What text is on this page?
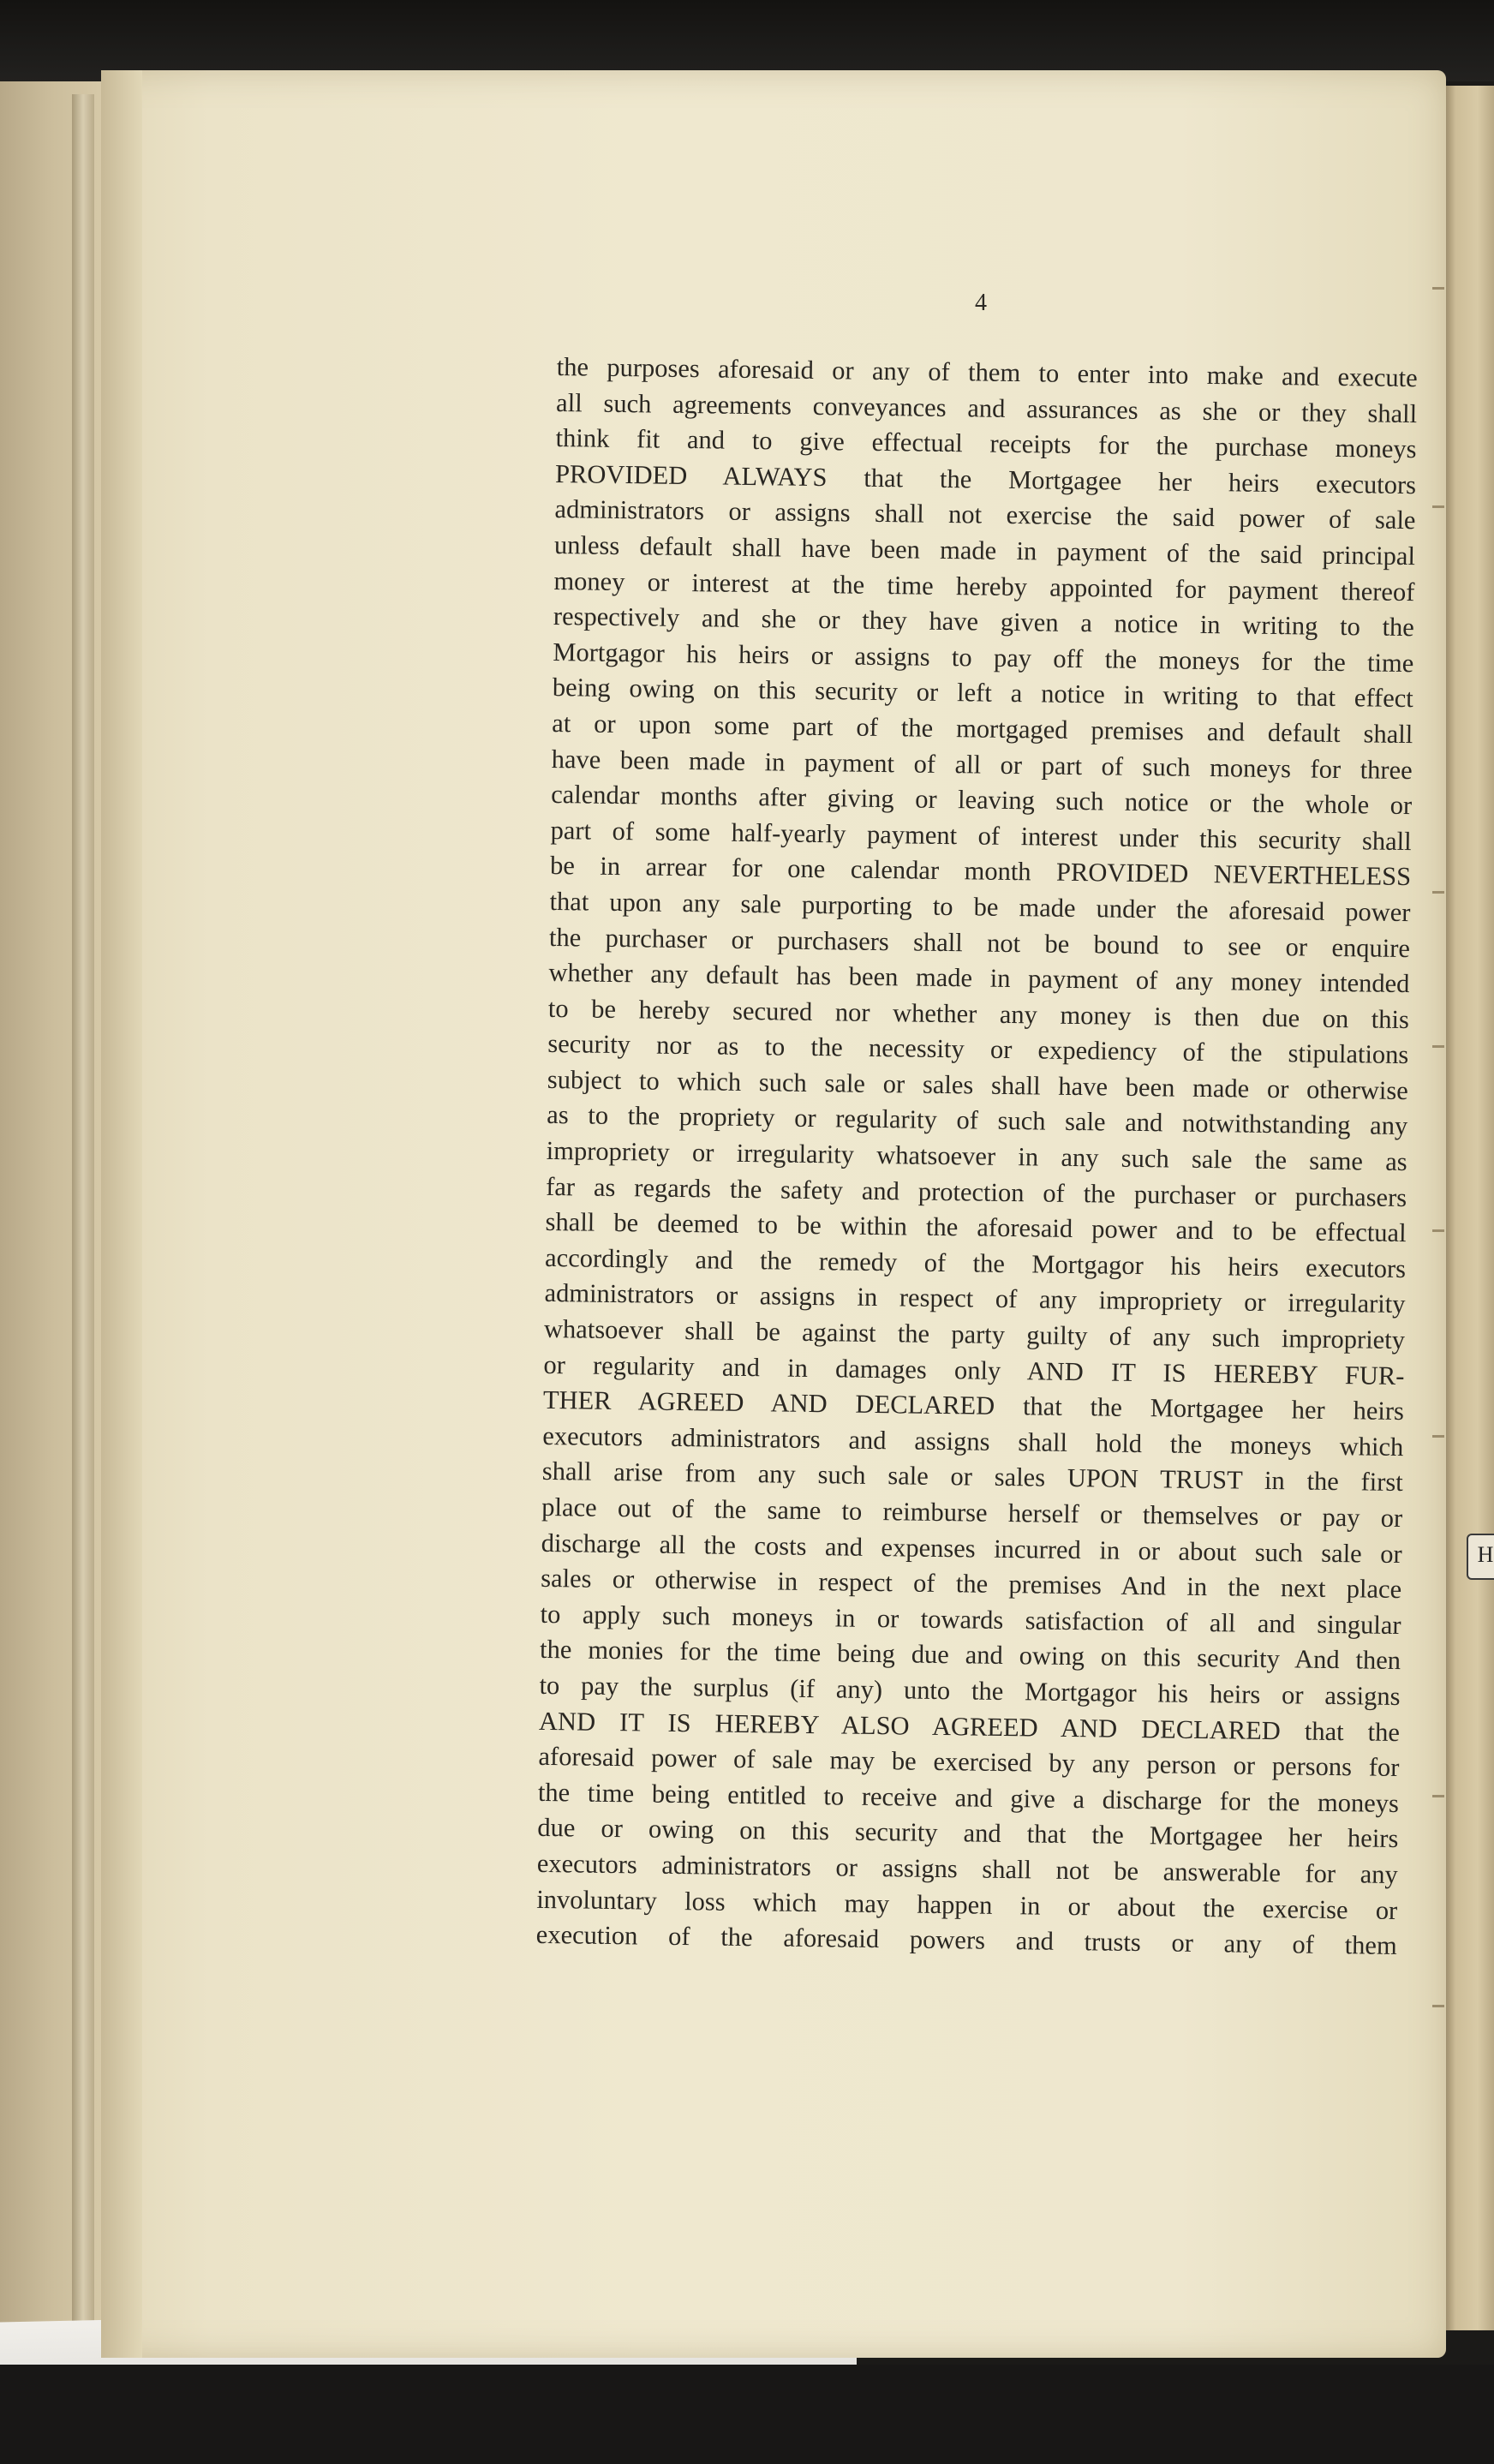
H
4
the purposes aforesaid or any of them to enter into make and execute
all such agreements conveyances and assurances as she or they shall
think fit and to give effectual receipts for the purchase moneys
PROVIDED ALWAYS that the Mortgagee her heirs executors
administrators or assigns shall not exercise the said power of sale
unless default shall have been made in payment of the said principal
money or interest at the time hereby appointed for payment thereof
respectively and she or they have given a notice in writing to the
Mortgagor his heirs or assigns to pay off the moneys for the time
being owing on this security or left a notice in writing to that effect
at or upon some part of the mortgaged premises and default shall
have been made in payment of all or part of such moneys for three
calendar months after giving or leaving such notice or the whole or
part of some half-yearly payment of interest under this security shall
be in arrear for one calendar month PROVIDED NEVERTHELESS
that upon any sale purporting to be made under the aforesaid power
the purchaser or purchasers shall not be bound to see or enquire
whether any default has been made in payment of any money intended
to be hereby secured nor whether any money is then due on this
security nor as to the necessity or expediency of the stipulations
subject to which such sale or sales shall have been made or otherwise
as to the propriety or regularity of such sale and notwithstanding any
impropriety or irregularity whatsoever in any such sale the same as
far as regards the safety and protection of the purchaser or purchasers
shall be deemed to be within the aforesaid power and to be effectual
accordingly and the remedy of the Mortgagor his heirs executors
administrators or assigns in respect of any impropriety or irregularity
whatsoever shall be against the party guilty of any such impropriety
or regularity and in damages only AND IT IS HEREBY FUR-
THER AGREED AND DECLARED that the Mortgagee her heirs
executors administrators and assigns shall hold the moneys which
shall arise from any such sale or sales UPON TRUST in the first
place out of the same to reimburse herself or themselves or pay or
discharge all the costs and expenses incurred in or about such sale or
sales or otherwise in respect of the premises And in the next place
to apply such moneys in or towards satisfaction of all and singular
the monies for the time being due and owing on this security And then
to pay the surplus (if any) unto the Mortgagor his heirs or assigns
AND IT IS HEREBY ALSO AGREED AND DECLARED that the
aforesaid power of sale may be exercised by any person or persons for
the time being entitled to receive and give a discharge for the moneys
due or owing on this security and that the Mortgagee her heirs
executors administrators or assigns shall not be answerable for any
involuntary loss which may happen in or about the exercise or
execution of the aforesaid powers and trusts or any of them
